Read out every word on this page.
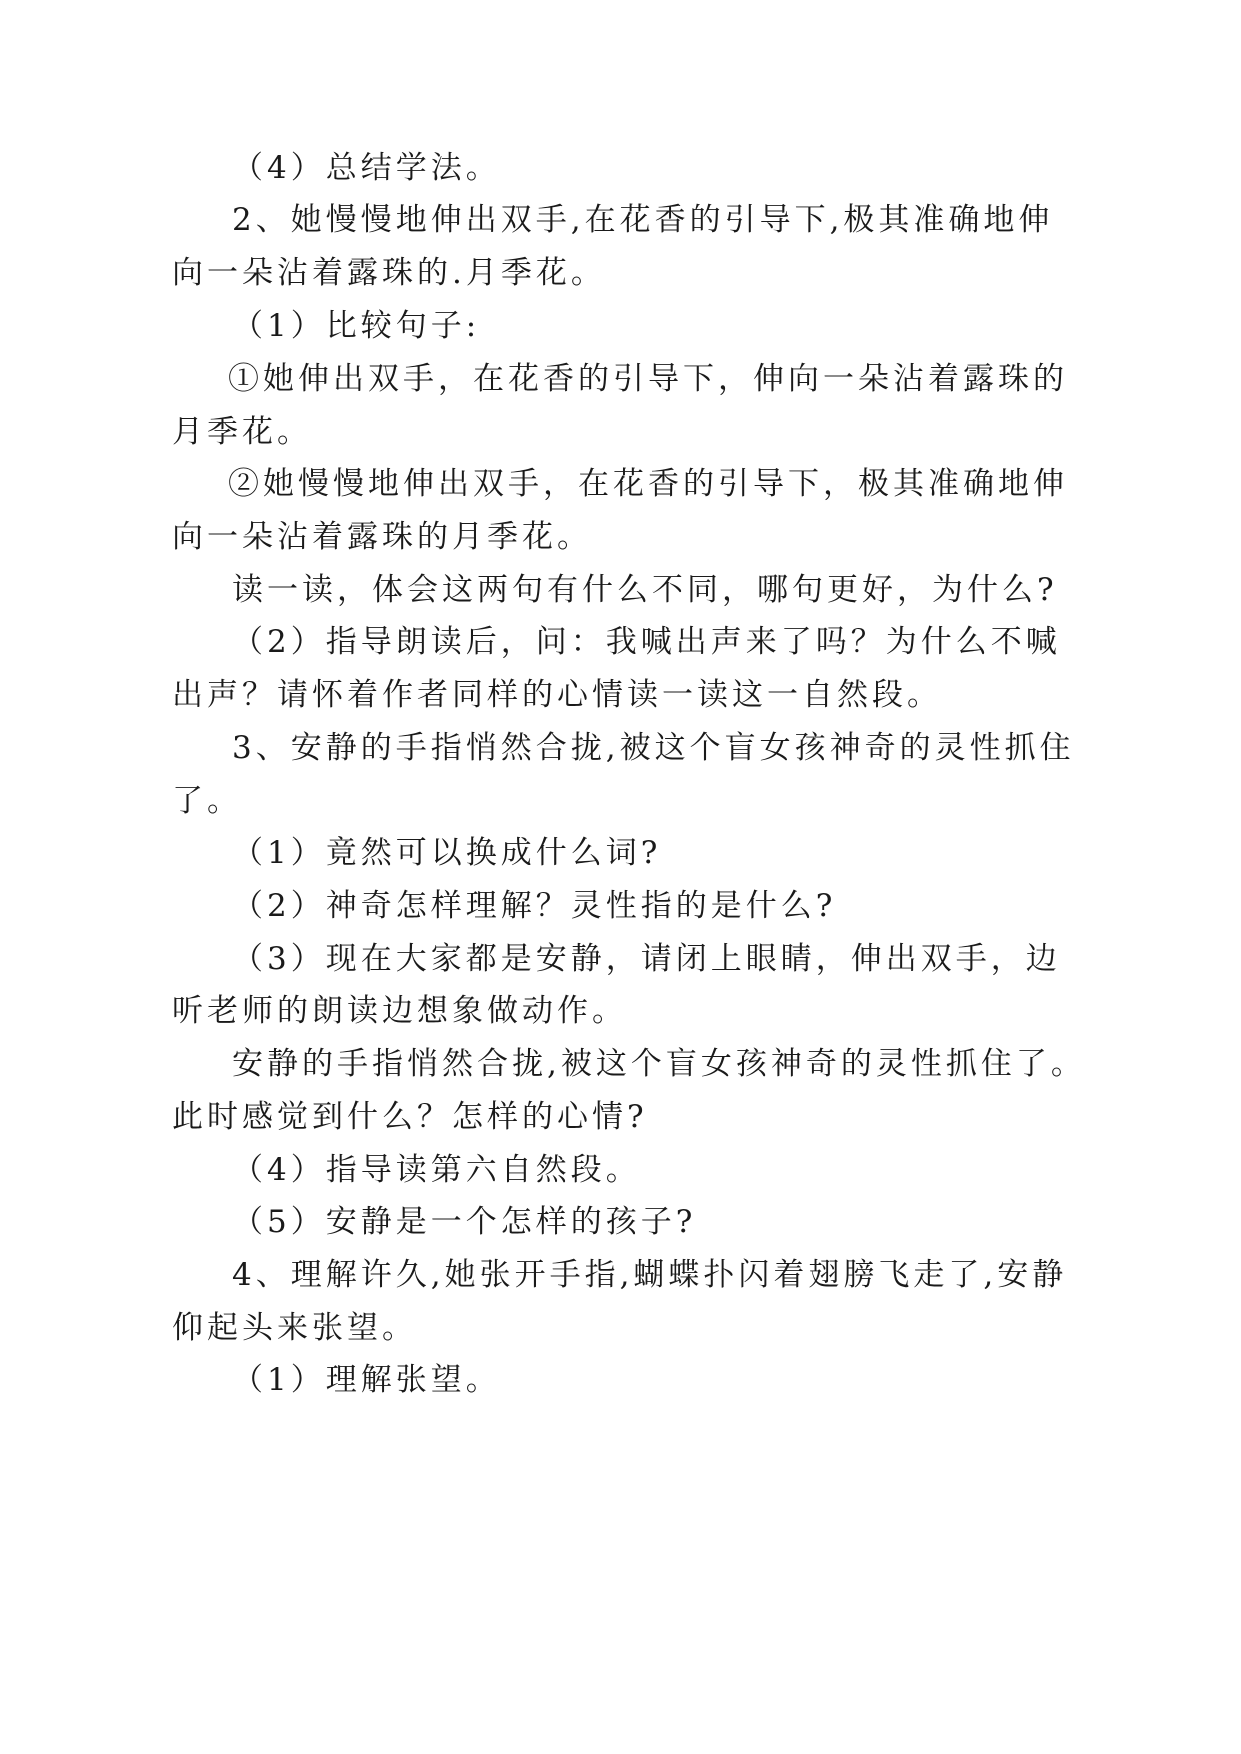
（4）总结学法。
2、她慢慢地伸出双手,在花香的引导下,极其准确地伸
向一朵沾着露珠的.月季花。
（1）比较句子:
①她伸出双手，在花香的引导下，伸向一朵沾着露珠的
月季花。
②她慢慢地伸出双手，在花香的引导下，极其准确地伸
向一朵沾着露珠的月季花。
读一读，体会这两句有什么不同，哪句更好，为什么?
（2）指导朗读后，问：我喊出声来了吗？为什么不喊
出声？请怀着作者同样的心情读一读这一自然段。
3、安静的手指悄然合拢,被这个盲女孩神奇的灵性抓住
了。
（1）竟然可以换成什么词?
（2）神奇怎样理解？灵性指的是什么?
（3）现在大家都是安静，请闭上眼睛，伸出双手，边
听老师的朗读边想象做动作。
安静的手指悄然合拢,被这个盲女孩神奇的灵性抓住了。
此时感觉到什么？怎样的心情?
（4）指导读第六自然段。
（5）安静是一个怎样的孩子?
4、理解许久,她张开手指,蝴蝶扑闪着翅膀飞走了,安静
仰起头来张望。
（1）理解张望。
